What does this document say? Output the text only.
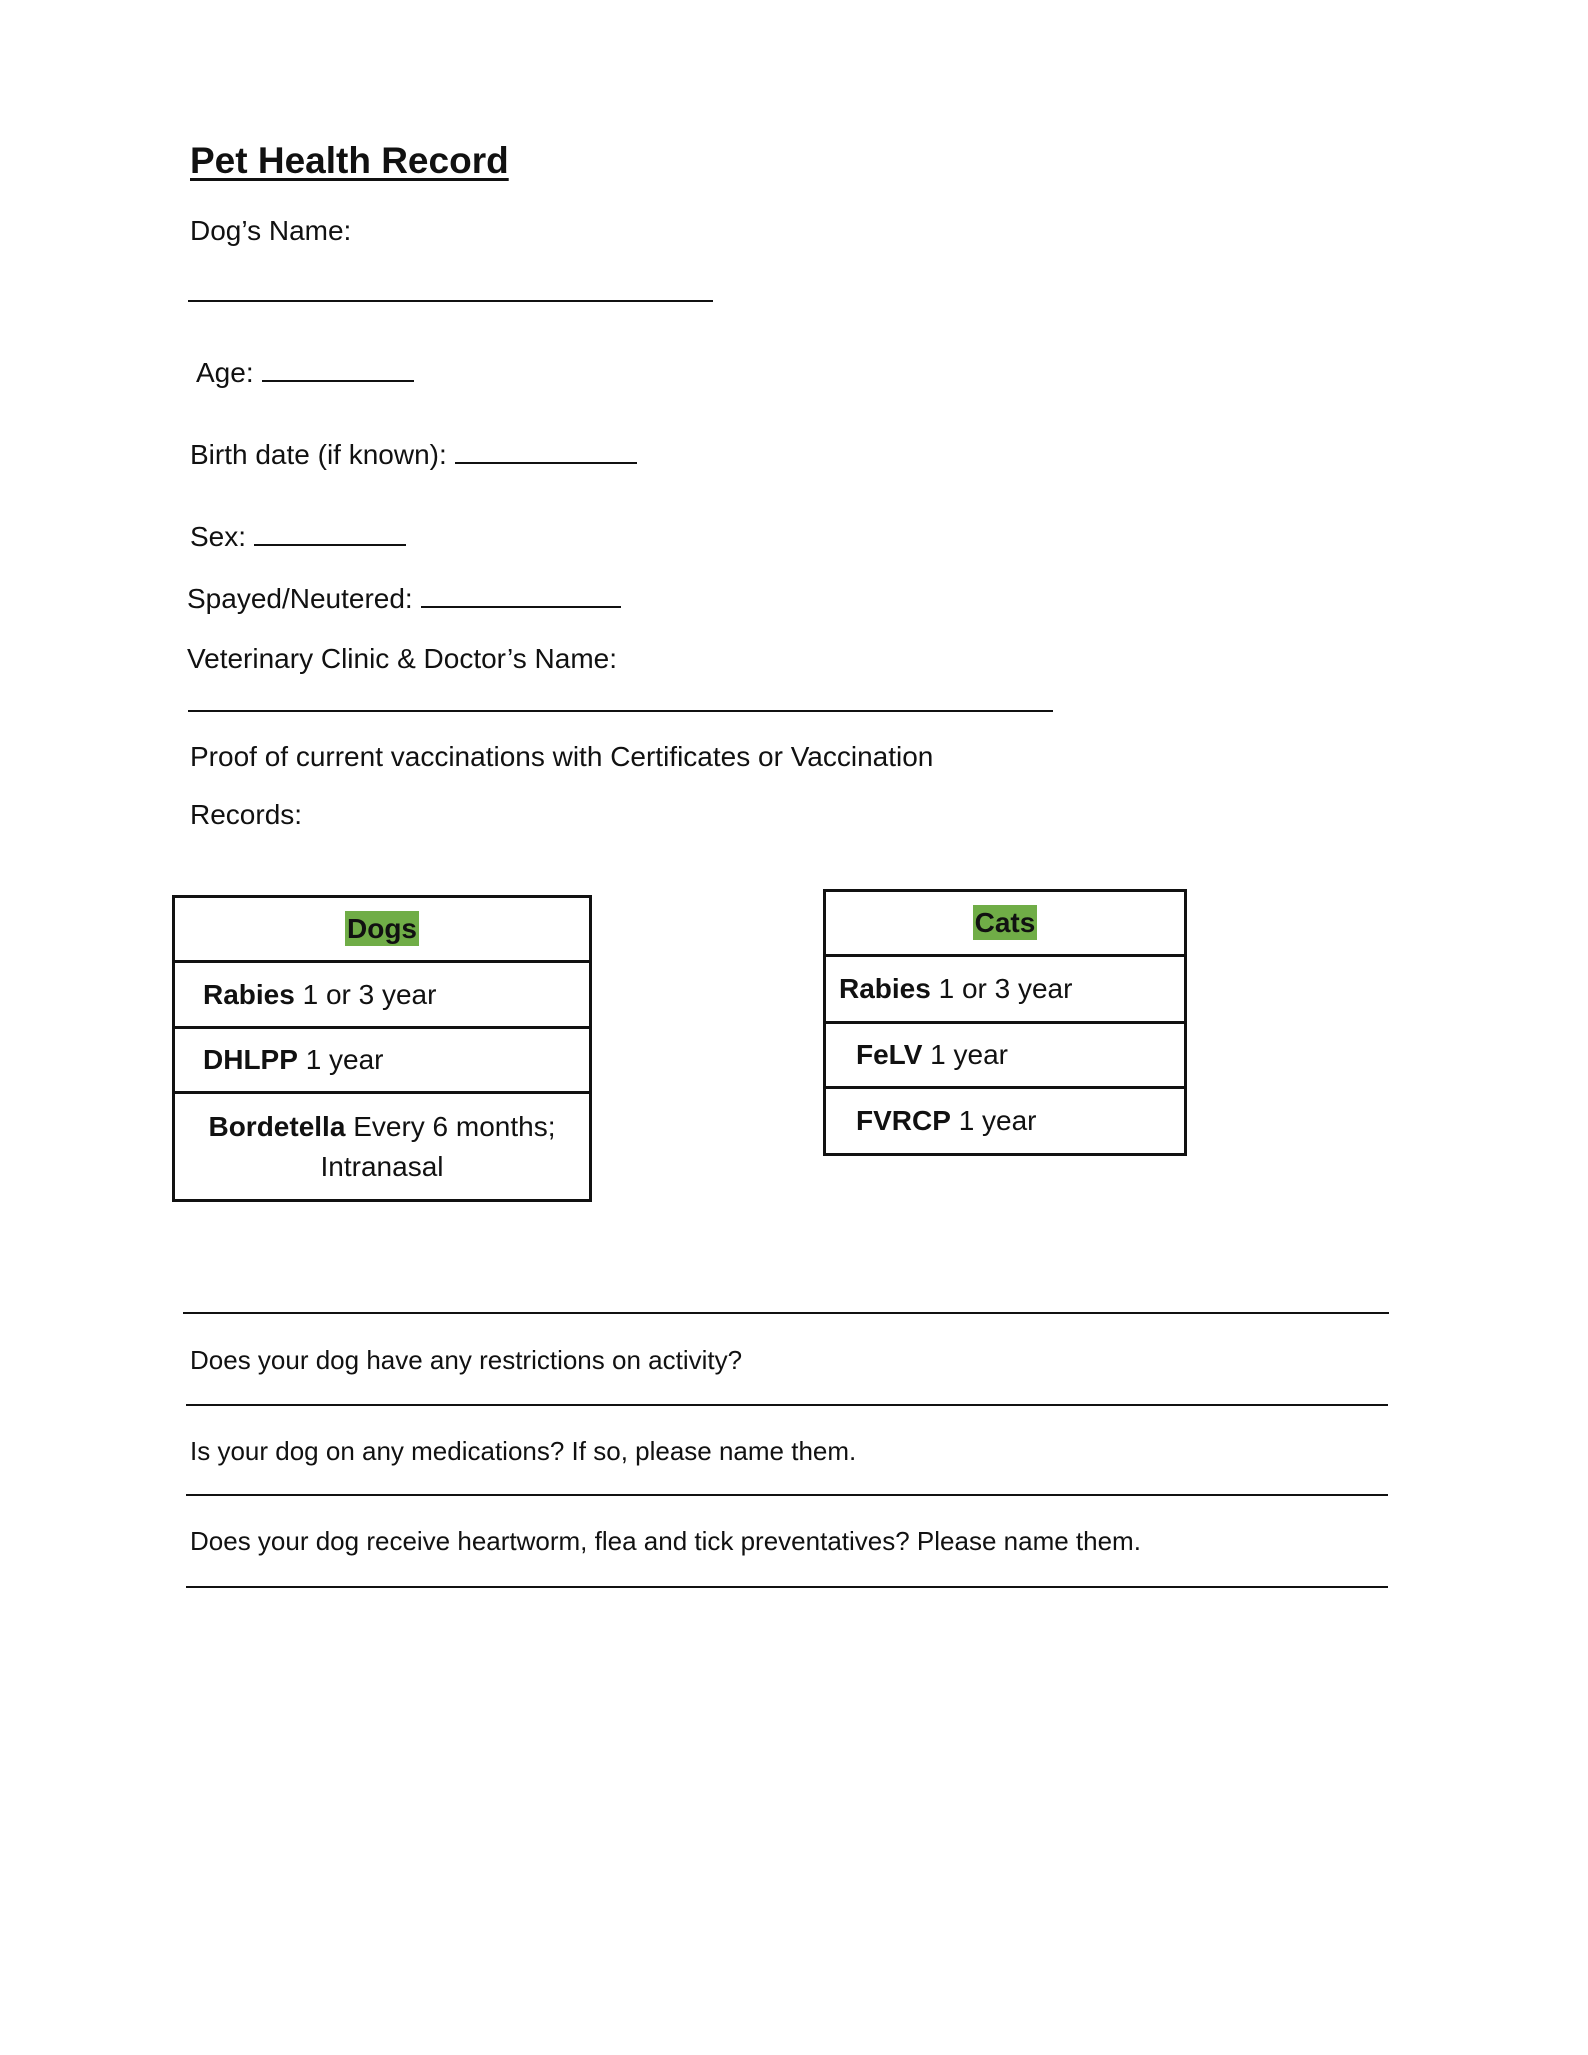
Pet Health Record
Dog’s Name:
Age:
Birth date (if known):
Sex:
Spayed/Neutered:
Veterinary Clinic & Doctor’s Name:
Proof of current vaccinations with Certificates or Vaccination
Records:
Dogs
Rabies 1 or 3 year
DHLPP 1 year
Bordetella Every 6 months;
Intranasal
Cats
Rabies 1 or 3 year
FeLV 1 year
FVRCP 1 year
Does your dog have any restrictions on activity?
Is your dog on any medications? If so, please name them.
Does your dog receive heartworm, flea and tick preventatives? Please name them.
